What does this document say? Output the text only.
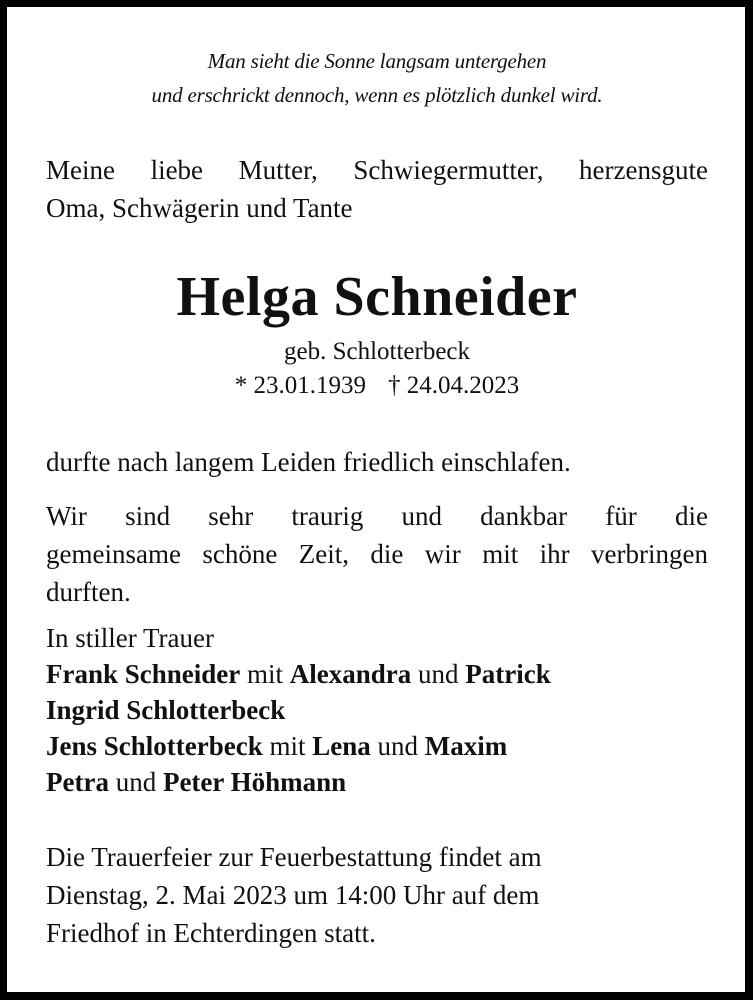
Man sieht die Sonne langsam untergehen
und erschrickt dennoch, wenn es plötzlich dunkel wird.
Meine liebe Mutter, Schwiegermutter, herzensgute
Oma, Schwägerin und Tante
Helga Schneider
geb. Schlotterbeck
* 23.01.1939 † 24.04.2023
durfte nach langem Leiden friedlich einschlafen.
Wir sind sehr traurig und dankbar für die
gemeinsame schöne Zeit, die wir mit ihr verbringen
durften.
In stiller Trauer
Frank Schneider mit Alexandra und Patrick
Ingrid Schlotterbeck
Jens Schlotterbeck mit Lena und Maxim
Petra und Peter Höhmann
Die Trauerfeier zur Feuerbestattung findet am
Dienstag, 2. Mai 2023 um 14:00 Uhr auf dem
Friedhof in Echterdingen statt.
